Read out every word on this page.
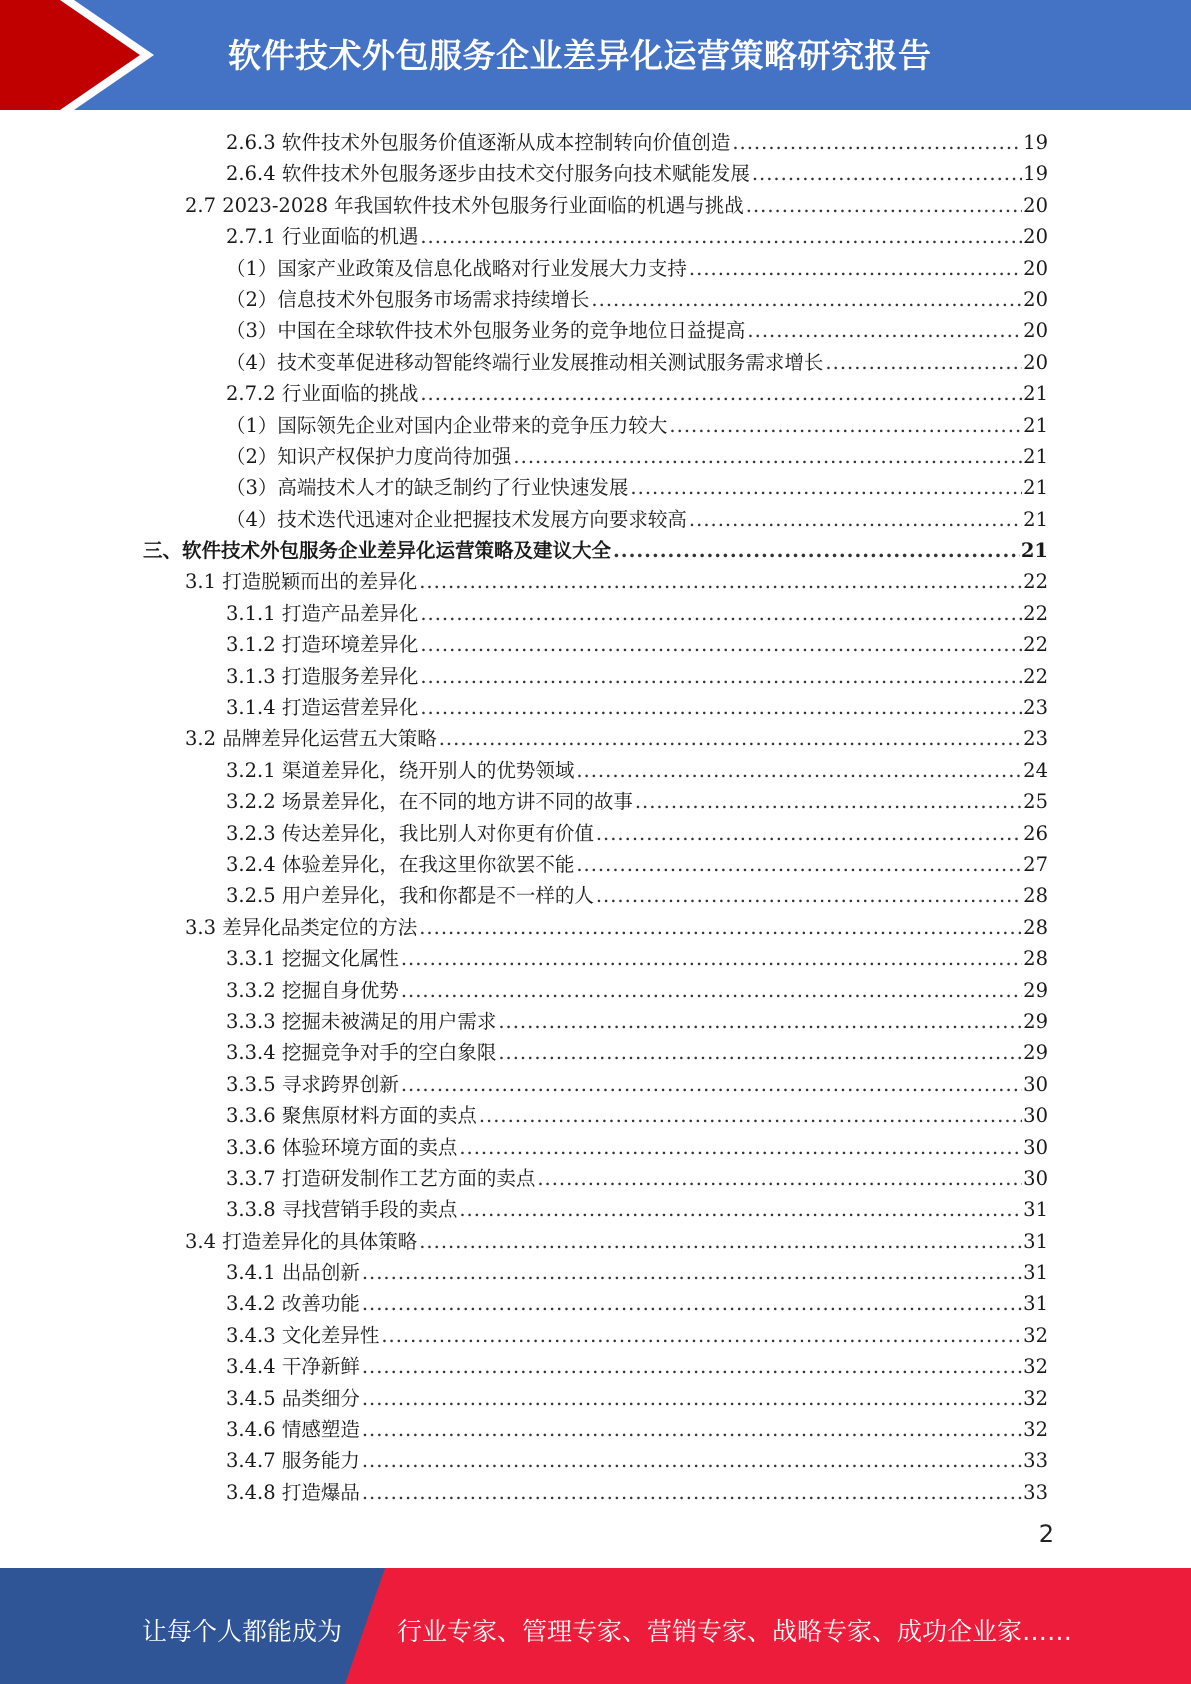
软件技术外包服务企业差异化运营策略研究报告
2.6.3 软件技术外包服务价值逐渐从成本控制转向价值创造 .....	19
2.6.4 软件技术外包服务逐步由技术交付服务向技术赋能发展 .....	19
2.7 2023-2028 年我国软件技术外包服务行业面临的机遇与挑战 .....	20
2.7.1 行业面临的机遇 .....	20
（1）国家产业政策及信息化战略对行业发展大力支持 .....	20
（2）信息技术外包服务市场需求持续增长 .....	20
（3）中国在全球软件技术外包服务业务的竞争地位日益提高 .....	20
（4）技术变革促进移动智能终端行业发展推动相关测试服务需求增长 .....	20
2.7.2 行业面临的挑战 .....	21
（1）国际领先企业对国内企业带来的竞争压力较大 .....	21
（2）知识产权保护力度尚待加强 .....	21
（3）高端技术人才的缺乏制约了行业快速发展 .....	21
（4）技术迭代迅速对企业把握技术发展方向要求较高 .....	21
三、软件技术外包服务企业差异化运营策略及建议大全 .....	21
3.1 打造脱颖而出的差异化 .....	22
3.1.1 打造产品差异化 .....	22
3.1.2 打造环境差异化 .....	22
3.1.3 打造服务差异化 .....	22
3.1.4 打造运营差异化 .....	23
3.2 品牌差异化运营五大策略 .....	23
3.2.1 渠道差异化，绕开别人的优势领域 .....	24
3.2.2 场景差异化，在不同的地方讲不同的故事 .....	25
3.2.3 传达差异化，我比别人对你更有价值 .....	26
3.2.4 体验差异化，在我这里你欲罢不能 .....	27
3.2.5 用户差异化，我和你都是不一样的人 .....	28
3.3 差异化品类定位的方法 .....	28
3.3.1 挖掘文化属性 .....	28
3.3.2 挖掘自身优势 .....	29
3.3.3 挖掘未被满足的用户需求 .....	29
3.3.4 挖掘竞争对手的空白象限 .....	29
3.3.5 寻求跨界创新 .....	30
3.3.6 聚焦原材料方面的卖点 .....	30
3.3.6 体验环境方面的卖点 .....	30
3.3.7 打造研发制作工艺方面的卖点 .....	30
3.3.8 寻找营销手段的卖点 .....	31
3.4 打造差异化的具体策略 .....	31
3.4.1 出品创新 .....	31
3.4.2 改善功能 .....	31
3.4.3 文化差异性 .....	32
3.4.4 干净新鲜 .....	32
3.4.5 品类细分 .....	32
3.4.6 情感塑造 .....	32
3.4.7 服务能力 .....	33
3.4.8 打造爆品 .....	33
2
让每个人都能成为 行业专家、管理专家、营销专家、战略专家、成功企业家……
